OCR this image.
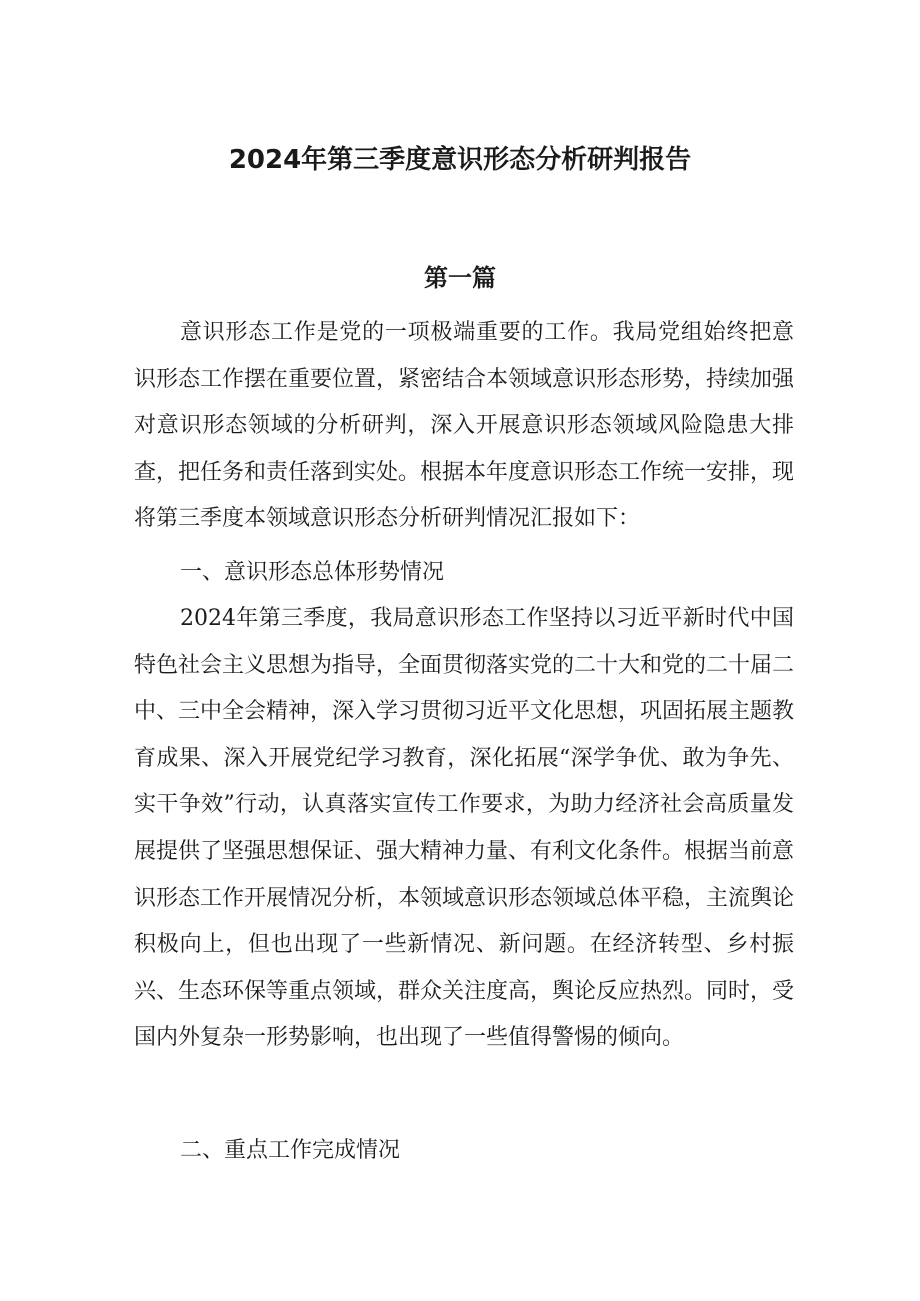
2024年第三季度意识形态分析研判报告
第一篇

意识形态工作是党的一项极端重要的工作。我局党组始终把意识形态工作摆在重要位置，紧密结合本领域意识形态形势，持续加强对意识形态领域的分析研判，深入开展意识形态领域风险隐患大排查，把任务和责任落到实处。根据本年度意识形态工作统一安排，现将第三季度本领域意识形态分析研判情况汇报如下：

一、意识形态总体形势情况

2024年第三季度，我局意识形态工作坚持以习近平新时代中国特色社会主义思想为指导，全面贯彻落实党的二十大和党的二十届二中、三中全会精神，深入学习贯彻习近平文化思想，巩固拓展主题教育成果、深入开展党纪学习教育，深化拓展“深学争优、敢为争先、实干争效”行动，认真落实宣传工作要求，为助力经济社会高质量发展提供了坚强思想保证、强大精神力量、有利文化条件。根据当前意识形态工作开展情况分析，本领域意识形态领域总体平稳，主流舆论积极向上，但也出现了一些新情况、新问题。在经济转型、乡村振兴、生态环保等重点领域，群众关注度高，舆论反应热烈。同时，受国内外复杂一形势影响，也出现了一些值得警惕的倾向。

二、重点工作完成情况
